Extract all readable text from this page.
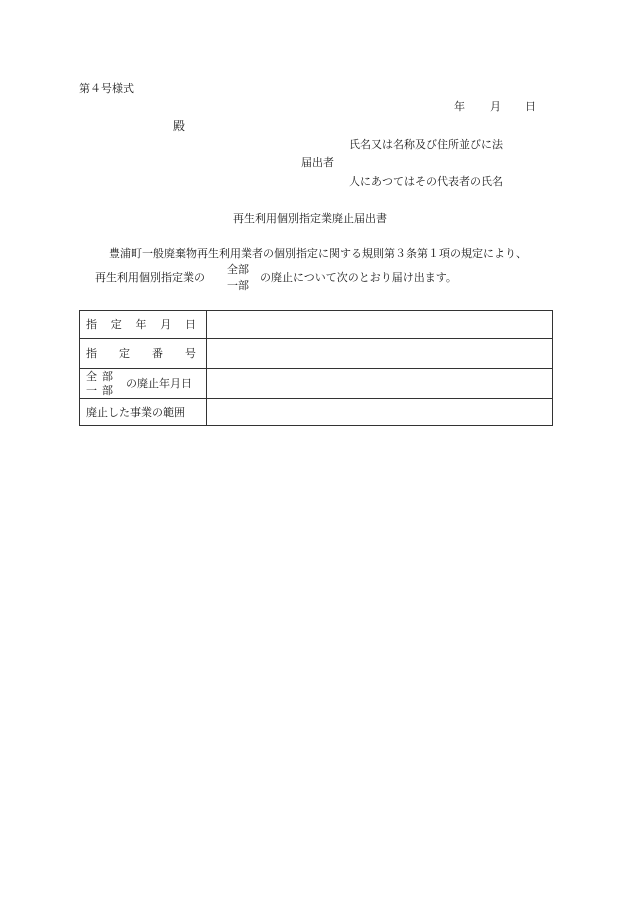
第４号様式
年 月 日
殿
氏名又は名称及び住所並びに法
届出者
人にあつてはその代表者の氏名
再生利用個別指定業廃止届出書
豊浦町一般廃棄物再生利用業者の個別指定に関する規則第３条第１項の規定により、
再生利用個別指定業の
全部
一部
の廃止について次のとおり届け出ます。
指 定 年 月 日	

指 定 番 号	

全部
一部 の廃止年月日	

廃止した事業の範囲	
